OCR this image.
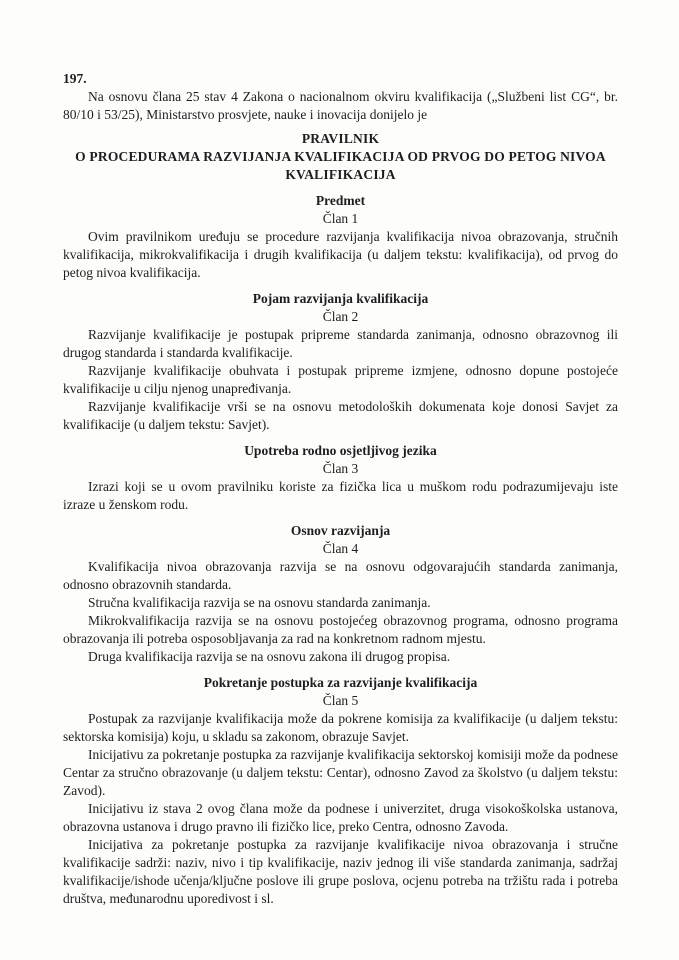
197.

Na osnovu člana 25 stav 4 Zakona o nacionalnom okviru kvalifikacija („Službeni list CG“, br. 80/10 i 53/25), Ministarstvo prosvjete, nauke i inovacija donijelo je

PRAVILNIK
O PROCEDURAMA RAZVIJANJA KVALIFIKACIJA OD PRVOG DO PETOG NIVOA KVALIFIKACIJA
Predmet
Član 1

Ovim pravilnikom uređuju se procedure razvijanja kvalifikacija nivoa obrazovanja, stručnih kvalifikacija, mikrokvalifikacija i drugih kvalifikacija (u daljem tekstu: kvalifikacija), od prvog do petog nivoa kvalifikacija.

Pojam razvijanja kvalifikacija
Član 2

Razvijanje kvalifikacije je postupak pripreme standarda zanimanja, odnosno obrazovnog ili drugog standarda i standarda kvalifikacije.

Razvijanje kvalifikacije obuhvata i postupak pripreme izmjene, odnosno dopune postojeće kvalifikacije u cilju njenog unapređivanja.

Razvijanje kvalifikacije vrši se na osnovu metodoloških dokumenata koje donosi Savjet za kvalifikacije (u daljem tekstu: Savjet).

Upotreba rodno osjetljivog jezika
Član 3

Izrazi koji se u ovom pravilniku koriste za fizička lica u muškom rodu podrazumijevaju iste izraze u ženskom rodu.

Osnov razvijanja
Član 4

Kvalifikacija nivoa obrazovanja razvija se na osnovu odgovarajućih standarda zanimanja, odnosno obrazovnih standarda.

Stručna kvalifikacija razvija se na osnovu standarda zanimanja.

Mikrokvalifikacija razvija se na osnovu postojećeg obrazovnog programa, odnosno programa obrazovanja ili potreba osposobljavanja za rad na konkretnom radnom mjestu.

Druga kvalifikacija razvija se na osnovu zakona ili drugog propisa.

Pokretanje postupka za razvijanje kvalifikacija
Član 5

Postupak za razvijanje kvalifikacija može da pokrene komisija za kvalifikacije (u daljem tekstu: sektorska komisija) koju, u skladu sa zakonom, obrazuje Savjet.

Inicijativu za pokretanje postupka za razvijanje kvalifikacija sektorskoj komisiji može da podnese Centar za stručno obrazovanje (u daljem tekstu: Centar), odnosno Zavod za školstvo (u daljem tekstu: Zavod).

Inicijativu iz stava 2 ovog člana može da podnese i univerzitet, druga visokoškolska ustanova, obrazovna ustanova i drugo pravno ili fizičko lice, preko Centra, odnosno Zavoda.

Inicijativa za pokretanje postupka za razvijanje kvalifikacije nivoa obrazovanja i stručne kvalifikacije sadrži: naziv, nivo i tip kvalifikacije, naziv jednog ili više standarda zanimanja, sadržaj kvalifikacije/ishode učenja/ključne poslove ili grupe poslova, ocjenu potreba na tržištu rada i potreba društva, međunarodnu uporedivost i sl.
